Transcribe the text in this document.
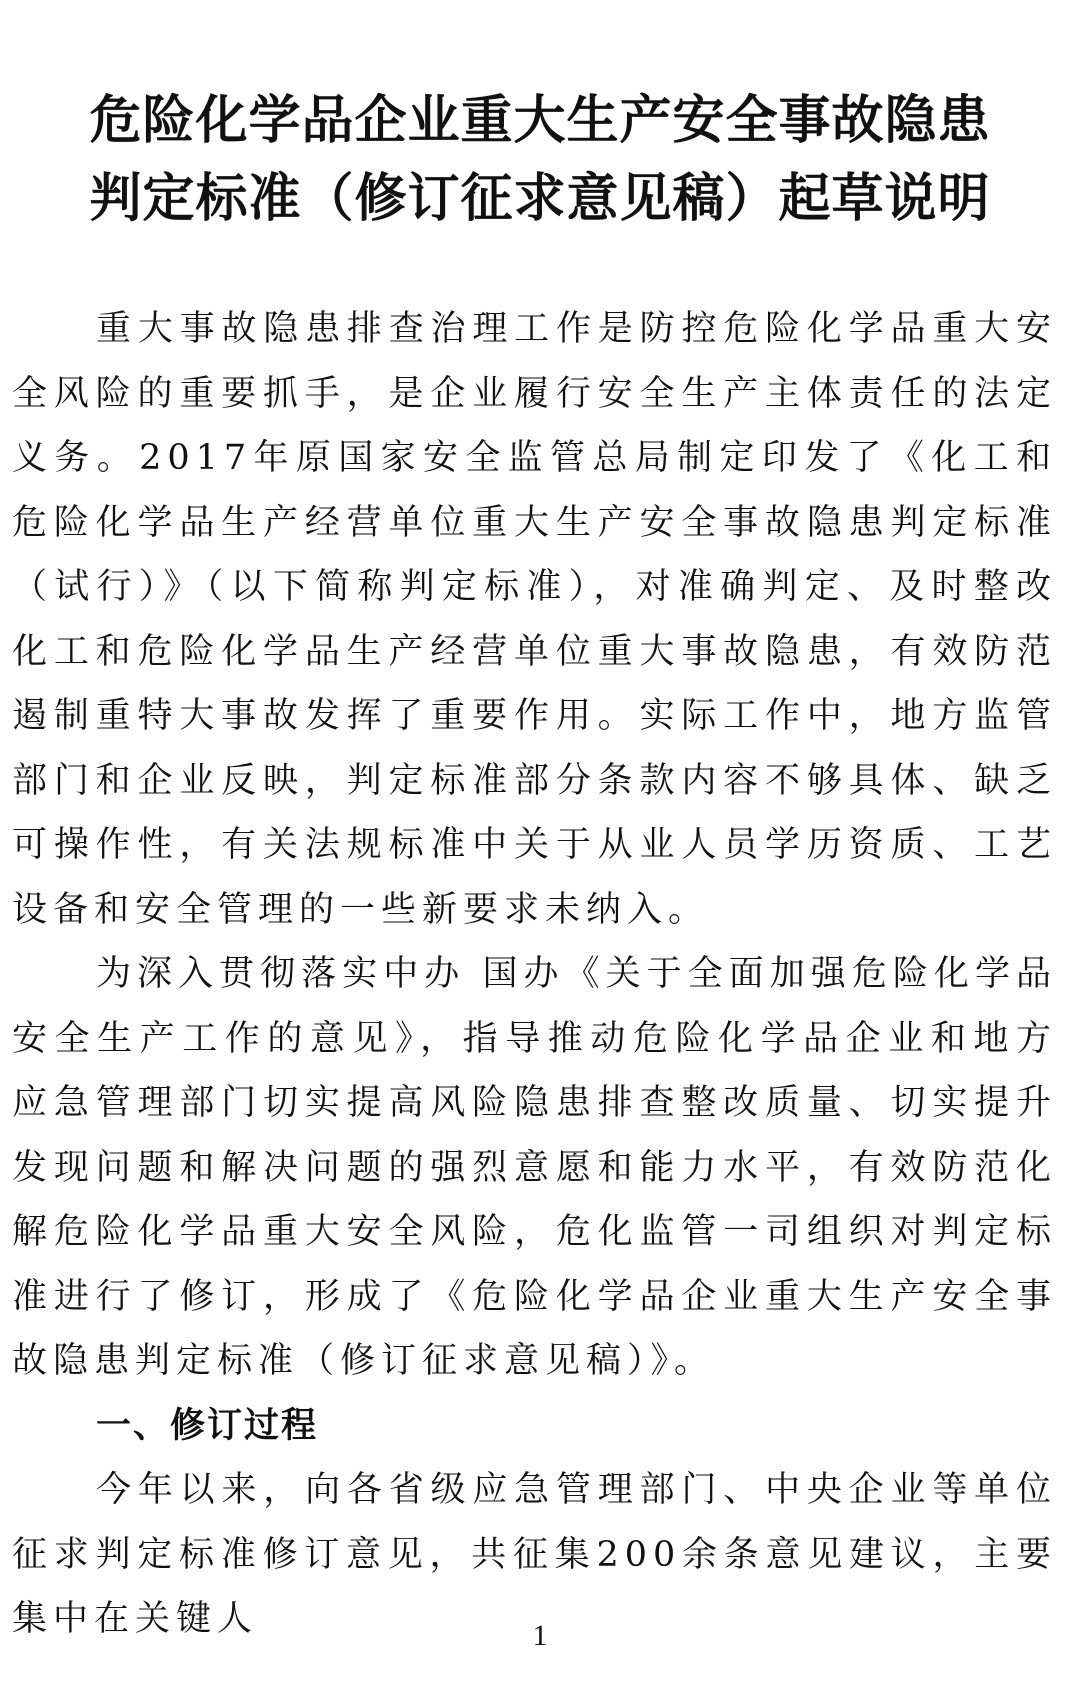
危险化学品企业重大生产安全事故隐患
判定标准（修订征求意见稿）起草说明

重大事故隐患排查治理工作是防控危险化学品重大安全风险的重要抓手，是企业履行安全生产主体责任的法定义务。2017年原国家安全监管总局制定印发了《化工和危险化学品生产经营单位重大生产安全事故隐患判定标准（试行）》（以下简称判定标准），对准确判定、及时整改化工和危险化学品生产经营单位重大事故隐患，有效防范遏制重特大事故发挥了重要作用。实际工作中，地方监管部门和企业反映，判定标准部分条款内容不够具体、缺乏可操作性，有关法规标准中关于从业人员学历资质、工艺设备和安全管理的一些新要求未纳入。

为深入贯彻落实中办 国办《关于全面加强危险化学品安全生产工作的意见》，指导推动危险化学品企业和地方应急管理部门切实提高风险隐患排查整改质量、切实提升发现问题和解决问题的强烈意愿和能力水平，有效防范化解危险化学品重大安全风险，危化监管一司组织对判定标准进行了修订，形成了《危险化学品企业重大生产安全事故隐患判定标准（修订征求意见稿）》。

一、修订过程

今年以来，向各省级应急管理部门、中央企业等单位征求判定标准修订意见，共征集200余条意见建议，主要集中在关键人	1
